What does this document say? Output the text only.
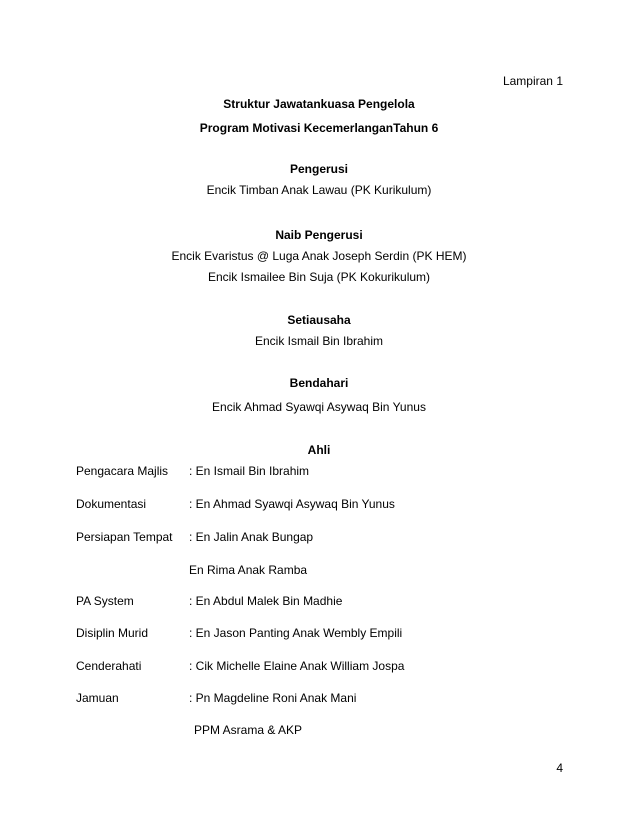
Lampiran 1
Struktur Jawatankuasa Pengelola
Program Motivasi KecemerlanganTahun 6
Pengerusi
Encik Timban Anak Lawau (PK Kurikulum)
Naib Pengerusi
Encik Evaristus @ Luga Anak Joseph Serdin (PK HEM)
Encik Ismailee Bin Suja (PK Kokurikulum)
Setiausaha
Encik Ismail Bin Ibrahim
Bendahari
Encik Ahmad Syawqi Asywaq Bin Yunus
Ahli
Pengacara Majlis : En Ismail Bin Ibrahim
Dokumentasi	: En Ahmad Syawqi Asywaq Bin Yunus
Persiapan Tempat : En Jalin Anak Bungap
En Rima Anak Ramba
PA System	: En Abdul Malek Bin Madhie
Disiplin Murid	: En Jason Panting Anak Wembly Empili
Cenderahati	: Cik Michelle Elaine Anak William Jospa
Jamuan	: Pn Magdeline Roni Anak Mani
PPM Asrama & AKP
4
